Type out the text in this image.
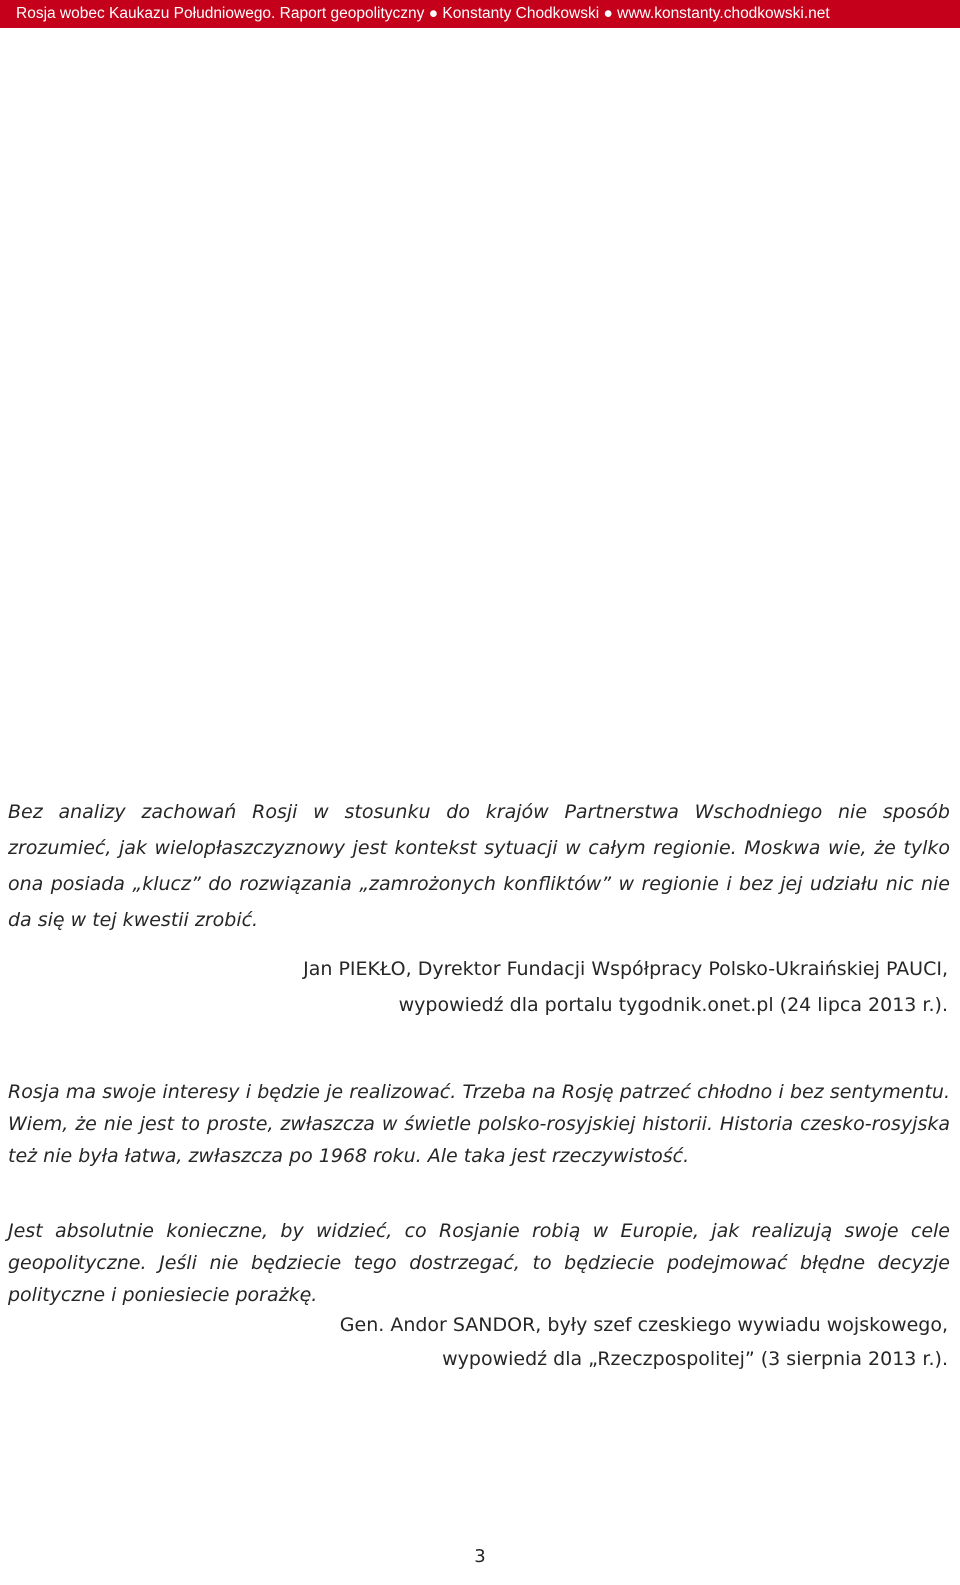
Rosja wobec Kaukazu Południowego. Raport geopolityczny ● Konstanty Chodkowski ● www.konstanty.chodkowski.net

Bez analizy zachowań Rosji w stosunku do krajów Partnerstwa Wschodniego nie sposób zrozumieć, jak wielopłaszczyznowy jest kontekst sytuacji w całym regionie. Moskwa wie, że tylko ona posiada „klucz” do rozwiązania „zamrożonych konfliktów” w regionie i bez jej udziału nic nie da się w tej kwestii zrobić.

Jan PIEKŁO, Dyrektor Fundacji Współpracy Polsko-Ukraińskiej PAUCI,
wypowiedź dla portalu tygodnik.onet.pl (24 lipca 2013 r.).

Rosja ma swoje interesy i będzie je realizować. Trzeba na Rosję patrzeć chłodno i bez sentymentu. Wiem, że nie jest to proste, zwłaszcza w świetle polsko-rosyjskiej historii. Historia czesko-rosyjska też nie była łatwa, zwłaszcza po 1968 roku. Ale taka jest rzeczywistość.

Jest absolutnie konieczne, by widzieć, co Rosjanie robią w Europie, jak realizują swoje cele geopolityczne. Jeśli nie będziecie tego dostrzegać, to będziecie podejmować błędne decyzje polityczne i poniesiecie porażkę.

Gen. Andor SANDOR, były szef czeskiego wywiadu wojskowego,
wypowiedź dla „Rzeczpospolitej” (3 sierpnia 2013 r.).
3
